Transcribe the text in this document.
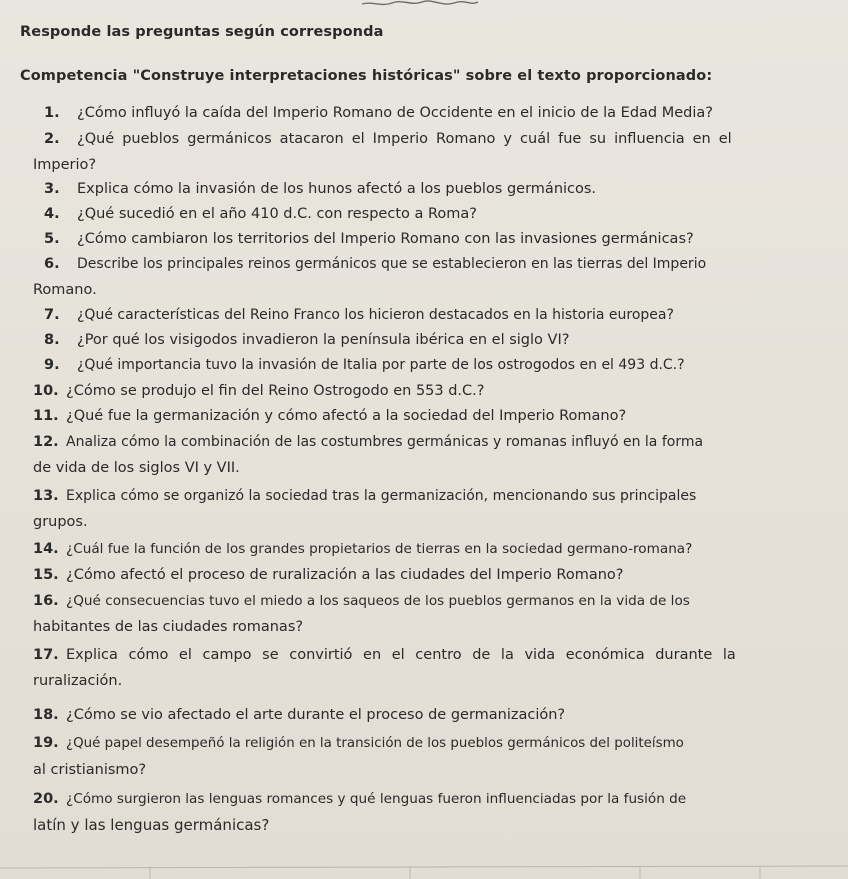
Responde las preguntas según corresponda
Competencia "Construye interpretaciones históricas" sobre el texto proporcionado:
1. ¿Cómo influyó la caída del Imperio Romano de Occidente en el inicio de la Edad Media?
2. ¿Qué pueblos germánicos atacaron el Imperio Romano y cuál fue su influencia en el
Imperio?
3. Explica cómo la invasión de los hunos afectó a los pueblos germánicos.
4. ¿Qué sucedió en el año 410 d.C. con respecto a Roma?
5. ¿Cómo cambiaron los territorios del Imperio Romano con las invasiones germánicas?
6. Describe los principales reinos germánicos que se establecieron en las tierras del Imperio
Romano.
7. ¿Qué características del Reino Franco los hicieron destacados en la historia europea?
8. ¿Por qué los visigodos invadieron la península ibérica en el siglo VI?
9. ¿Qué importancia tuvo la invasión de Italia por parte de los ostrogodos en el 493 d.C.?
10. ¿Cómo se produjo el fin del Reino Ostrogodo en 553 d.C.?
11. ¿Qué fue la germanización y cómo afectó a la sociedad del Imperio Romano?
12. Analiza cómo la combinación de las costumbres germánicas y romanas influyó en la forma
de vida de los siglos VI y VII.
13. Explica cómo se organizó la sociedad tras la germanización, mencionando sus principales
grupos.
14. ¿Cuál fue la función de los grandes propietarios de tierras en la sociedad germano-romana?
15. ¿Cómo afectó el proceso de ruralización a las ciudades del Imperio Romano?
16. ¿Qué consecuencias tuvo el miedo a los saqueos de los pueblos germanos en la vida de los
habitantes de las ciudades romanas?
17. Explica cómo el campo se convirtió en el centro de la vida económica durante la
ruralización.
18. ¿Cómo se vio afectado el arte durante el proceso de germanización?
19. ¿Qué papel desempeñó la religión en la transición de los pueblos germánicos del politeísmo
al cristianismo?
20. ¿Cómo surgieron las lenguas romances y qué lenguas fueron influenciadas por la fusión de
latín y las lenguas germánicas?
